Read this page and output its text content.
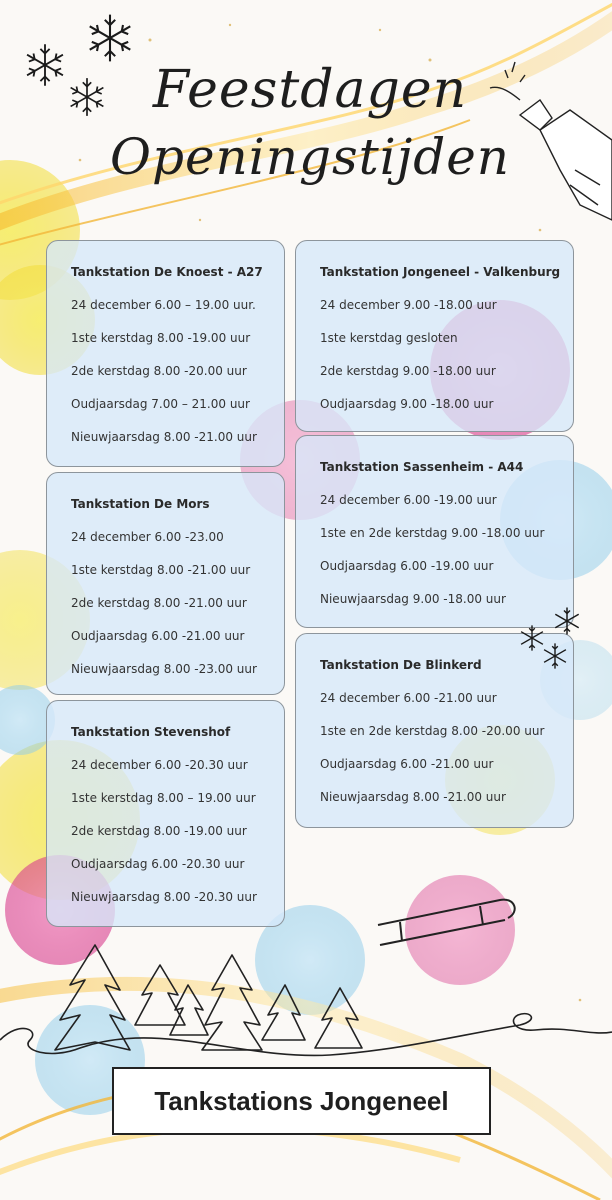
Feestdagen
Openingstijden
Tankstation De Knoest - A27
24 december 6.00 – 19.00 uur.
1ste kerstdag 8.00 -19.00 uur
2de kerstdag 8.00 -20.00 uur
Oudjaarsdag 7.00 – 21.00 uur
Nieuwjaarsdag 8.00 -21.00 uur
Tankstation De Mors
24 december 6.00 -23.00
1ste kerstdag 8.00 -21.00 uur
2de kerstdag 8.00 -21.00 uur
Oudjaarsdag 6.00 -21.00 uur
Nieuwjaarsdag 8.00 -23.00 uur
Tankstation Stevenshof
24 december 6.00 -20.30 uur
1ste kerstdag 8.00 – 19.00 uur
2de kerstdag 8.00 -19.00 uur
Oudjaarsdag 6.00 -20.30 uur
Nieuwjaarsdag 8.00 -20.30 uur
Tankstation Jongeneel - Valkenburg
24 december 9.00 -18.00 uur
1ste kerstdag gesloten
2de kerstdag 9.00 -18.00 uur
Oudjaarsdag 9.00 -18.00 uur
Tankstation Sassenheim - A44
24 december 6.00 -19.00 uur
1ste en 2de kerstdag 9.00 -18.00 uur
Oudjaarsdag 6.00 -19.00 uur
Nieuwjaarsdag 9.00 -18.00 uur
Tankstation De Blinkerd
24 december 6.00 -21.00 uur
1ste en 2de kerstdag 8.00 -20.00 uur
Oudjaarsdag 6.00 -21.00 uur
Nieuwjaarsdag 8.00 -21.00 uur
Tankstations Jongeneel
